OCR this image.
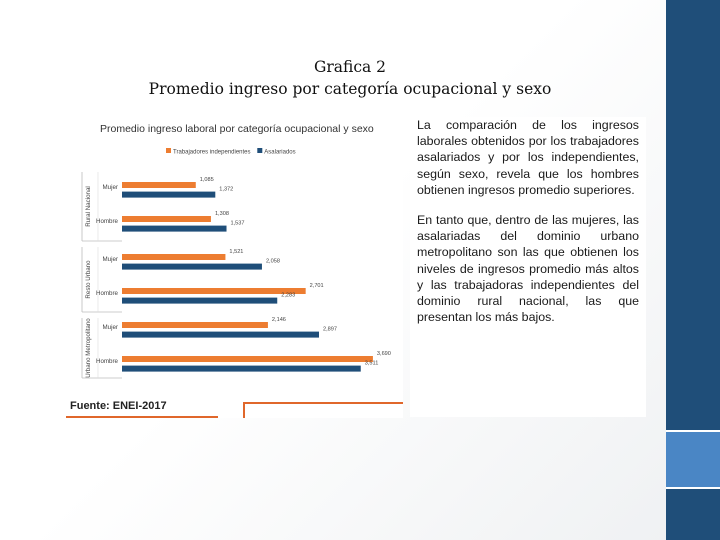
Grafica 2
Promedio ingreso por categoría ocupacional y sexo
Promedio ingreso laboral por categoría ocupacional y sexo
Trabajadores independientes Asalariados
Rural Nacional
Resto Urbano
Urbano Metropolitano
Mujer
1,085
1,372
Hombre
1,308
1,537
Mujer
1,521
2,058
Hombre
2,701
2,283
Mujer
2,146
2,897
Hombre
3,690
3,511

La comparación de los ingresos laborales obtenidos por los trabajadores asalariados y por los independientes, según sexo, revela que los hombres obtienen ingresos promedio superiores.

En tanto que, dentro de las mujeres, las asalariadas del dominio urbano metropolitano son las que obtienen los niveles de ingresos promedio más altos y las trabajadoras independientes del dominio rural nacional, las que presentan los más bajos.

Fuente: ENEI-2017
